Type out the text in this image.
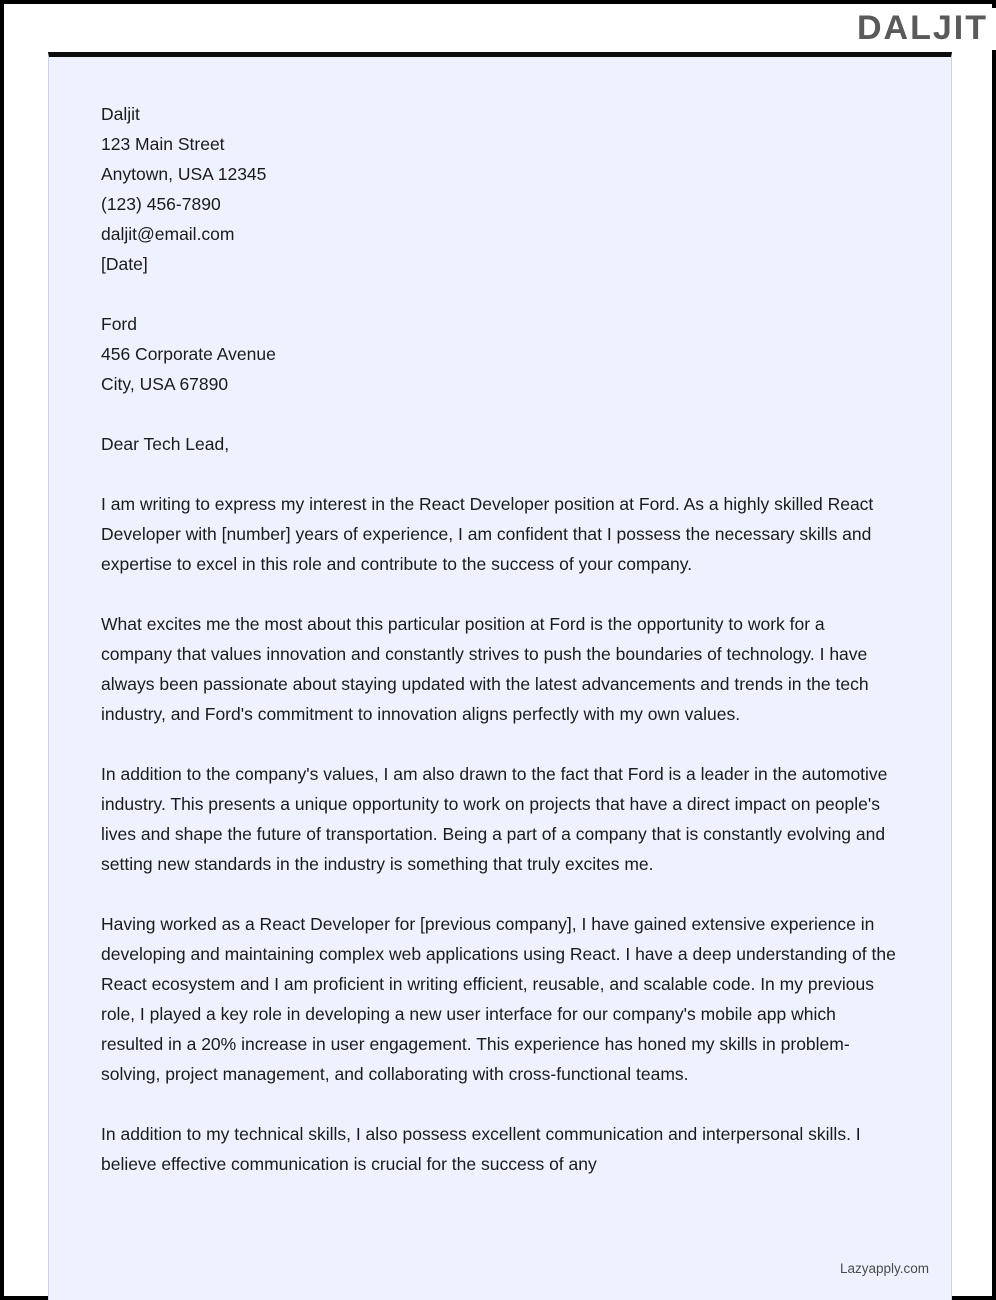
DALJIT
Daljit
123 Main Street
Anytown, USA 12345
(123) 456-7890
daljit@email.com
[Date]
Ford
456 Corporate Avenue
City, USA 67890

Dear Tech Lead,

I am writing to express my interest in the React Developer position at Ford. As a highly skilled React Developer with [number] years of experience, I am confident that I possess the necessary skills and expertise to excel in this role and contribute to the success of your company.

What excites me the most about this particular position at Ford is the opportunity to work for a company that values innovation and constantly strives to push the boundaries of technology. I have always been passionate about staying updated with the latest advancements and trends in the tech industry, and Ford's commitment to innovation aligns perfectly with my own values.

In addition to the company's values, I am also drawn to the fact that Ford is a leader in the automotive industry. This presents a unique opportunity to work on projects that have a direct impact on people's lives and shape the future of transportation. Being a part of a company that is constantly evolving and setting new standards in the industry is something that truly excites me.

Having worked as a React Developer for [previous company], I have gained extensive experience in developing and maintaining complex web applications using React. I have a deep understanding of the React ecosystem and I am proficient in writing efficient, reusable, and scalable code. In my previous role, I played a key role in developing a new user interface for our company's mobile app which resulted in a 20% increase in user engagement. This experience has honed my skills in problem-solving, project management, and collaborating with cross-functional teams.

In addition to my technical skills, I also possess excellent communication and interpersonal skills. I believe effective communication is crucial for the success of any

Lazyapply.com
